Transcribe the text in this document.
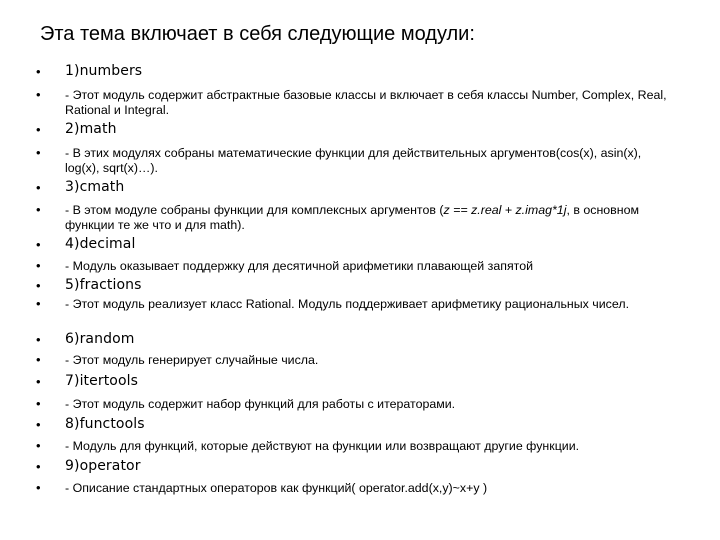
Эта тема включает в себя следующие модули:
• 1)numbers
• - Этот модуль содержит абстрактные базовые классы и включает в себя классы Number, Complex, Real, Rational и Integral.
• 2)math
• - В этих модулях собраны математические функции для действительных аргументов(cos(x), asin(x), log(x), sqrt(x)…).
• 3)cmath
• - В этом модуле собраны функции для комплексных аргументов (z == z.real + z.imag*1j, в основном функции те же что и для math).
• 4)decimal
• - Модуль оказывает поддержку для десятичной арифметики плавающей запятой
• 5)fractions
• - Этот модуль реализует класс Rational. Модуль поддерживает арифметику рациональных чисел.
• 6)random
• - Этот модуль генерирует случайные числа.
• 7)itertools
• - Этот модуль содержит набор функций для работы с итераторами.
• 8)functools
• - Модуль для функций, которые действуют на функции или возвращают другие функции.
• 9)operator
• - Описание стандартных операторов как функций( operator.add(x,y)~x+y )
